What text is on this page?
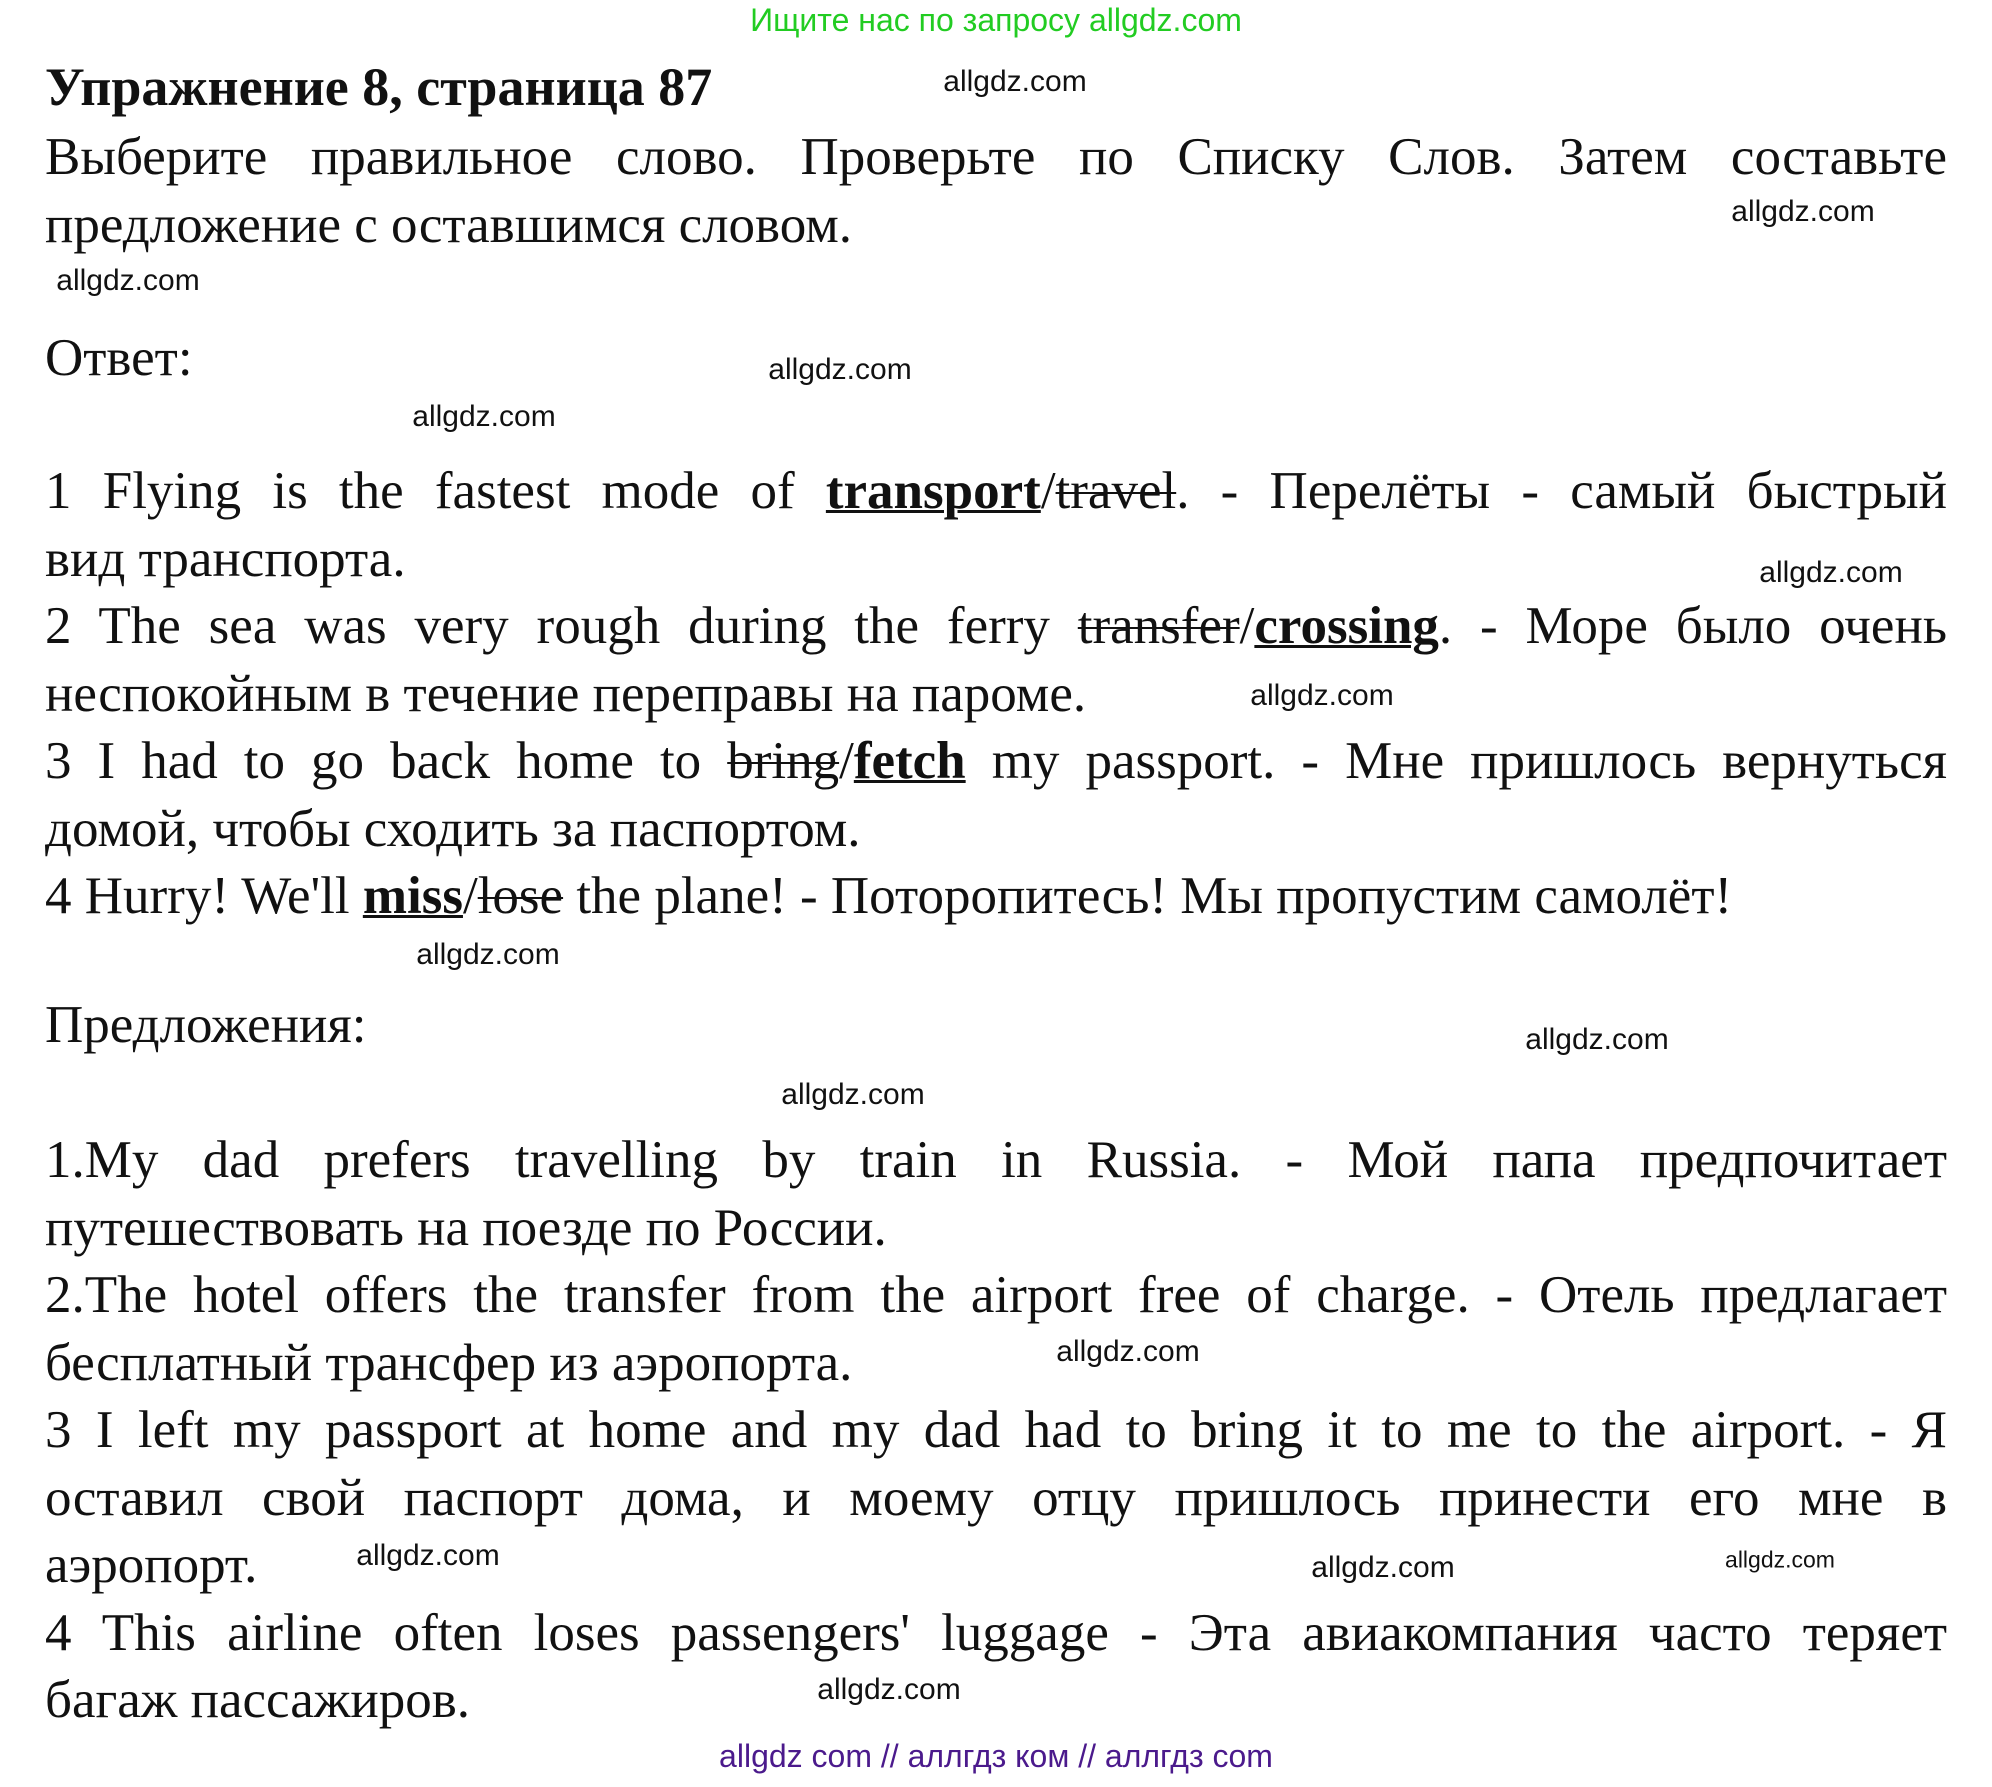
Ищите нас по запросу allgdz.com
Упражнение 8, страница 87
Выберите правильное слово. Проверьте по Списку Слов. Затем составьте
предложение с оставшимся словом.
Ответ:
1 Flying is the fastest mode of transport/travel. - Перелёты - самый быстрый
вид транспорта.
2 The sea was very rough during the ferry transfer/crossing. - Море было очень
неспокойным в течение переправы на пароме.
3 I had to go back home to bring/fetch my passport. - Мне пришлось вернуться
домой, чтобы сходить за паспортом.
4 Hurry! We'll miss/lose the plane! - Поторопитесь! Мы пропустим самолёт!
Предложения:
1.My dad prefers travelling by train in Russia. - Мой папа предпочитает
путешествовать на поезде по России.
2.The hotel offers the transfer from the airport free of charge. - Отель предлагает
бесплатный трансфер из аэропорта.
3 I left my passport at home and my dad had to bring it to me to the airport. - Я
оставил свой паспорт дома, и моему отцу пришлось принести его мне в
аэропорт.
4 This airline often loses passengers' luggage - Эта авиакомпания часто теряет
багаж пассажиров.
allgdz com // аллгдз ком // аллгдз com
allgdz.com
allgdz.com
allgdz.com
allgdz.com
allgdz.com
allgdz.com
allgdz.com
allgdz.com
allgdz.com
allgdz.com
allgdz.com
allgdz.com
allgdz.com	allgdz.com
allgdz.com
